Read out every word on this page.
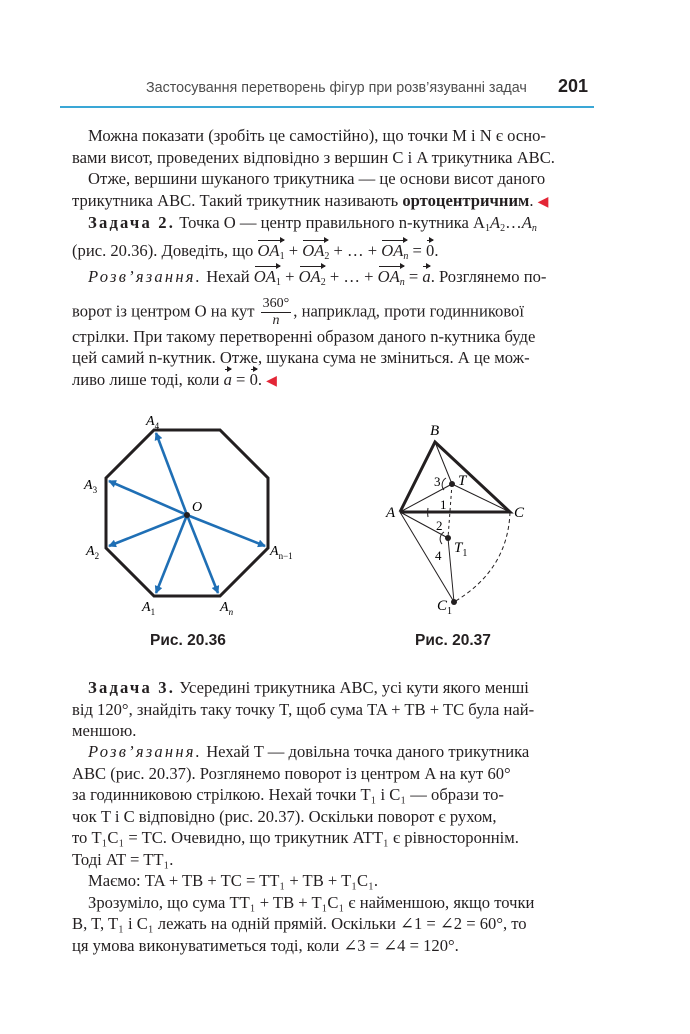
Застосування перетворень фігур при розв’язуванні задач 201
Можна показати (зробіть це самостійно), що точки M і N є осно-
вами висот, проведених відповідно з вершин C і A трикутника ABC.
Отже, вершини шуканого трикутника — це основи висот даного
трикутника ABC. Такий трикутник називають ортоцентричним. ◀
Задача 2. Точка O — центр правильного n-кутника $A_1A_2\dots A_n$
(рис. 20.36). Доведіть, що $OA_1 + OA_2$ + … + $OA_n = 0$.
Розв’язання. Нехай $OA_1 + OA_2$ + … + $OA_n = a$. Розглянемо по-
ворот із центром O на кут $\frac{360^\circ}{n}$ , наприклад, проти годинникової
стрілки. При такому перетворенні образом даного n-кутника буде
цей самий n-кутник. Отже, шукана сума не зміниться. А це мож-
ливо лише тоді, коли a = 0. ◀
O
$A_4$
$A_3$
$A_2$
$A_1$	$A_n$
$A_{n-1}$
Рис. 20.36
B
A	C
T
$T_1$
$C_1$
3
1
2
4
Рис. 20.37
Задача 3. Усередині трикутника ABC, усі кути якого менші
від 120°, знайдіть таку точку T, щоб сума TA + TB + TC була най-
меншою.
Розв’язання. Нехай T — довільна точка даного трикутника
ABC (рис. 20.37). Розглянемо поворот із центром A на кут 60°
за годинниковою стрілкою. Нехай точки T₁ і C₁ — образи то-
чок T і C відповідно (рис. 20.37). Оскільки поворот є рухом,
то T₁C₁ = TC. Очевидно, що трикутник ATT₁ є рівностороннім.
Тоді AT = TT₁.
Маємо: TA + TB + TC = TT₁ + TB + T₁C₁.
Зрозуміло, що сума TT₁ + TB + T₁C₁ є найменшою, якщо точки
B, T, T₁ і C₁ лежать на одній прямій. Оскільки ∠1 = ∠2 = 60°, то
ця умова виконуватиметься тоді, коли ∠3 = ∠4 = 120°.
